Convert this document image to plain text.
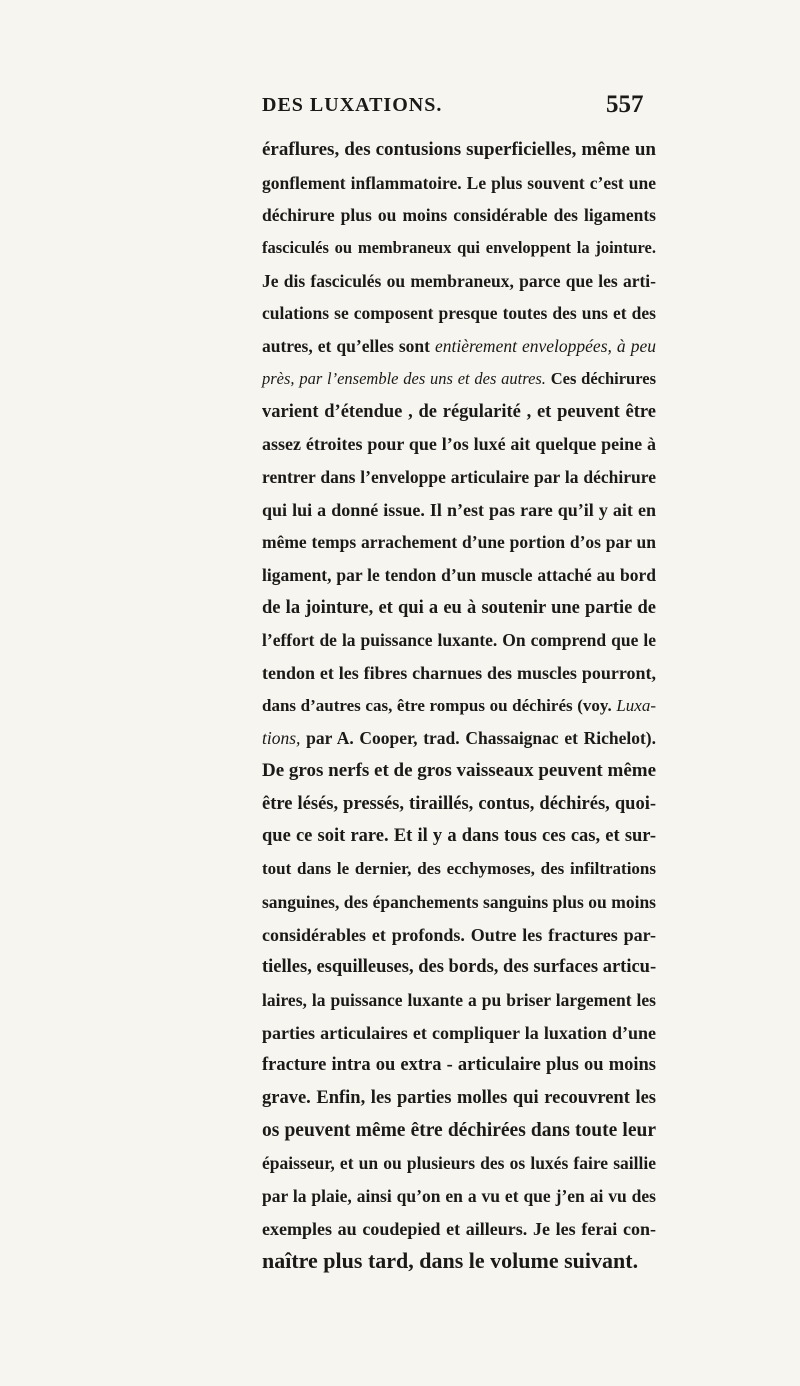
DES LUXATIONS.	557
éraflures, des contusions superficielles, même un
gonflement inflammatoire. Le plus souvent c’est une
déchirure plus ou moins considérable des ligaments
fasciculés ou membraneux qui enveloppent la jointure.
Je dis fasciculés ou membraneux, parce que les arti-
culations se composent presque toutes des uns et des
autres, et qu’elles sont entièrement enveloppées, à peu
près, par l’ensemble des uns et des autres. Ces déchirures
varient d’étendue , de régularité , et peuvent être
assez étroites pour que l’os luxé ait quelque peine à
rentrer dans l’enveloppe articulaire par la déchirure
qui lui a donné issue. Il n’est pas rare qu’il y ait en
même temps arrachement d’une portion d’os par un
ligament, par le tendon d’un muscle attaché au bord
de la jointure, et qui a eu à soutenir une partie de
l’effort de la puissance luxante. On comprend que le
tendon et les fibres charnues des muscles pourront,
dans d’autres cas, être rompus ou déchirés (voy. Luxa-
tions, par A. Cooper, trad. Chassaignac et Richelot).
De gros nerfs et de gros vaisseaux peuvent même
être lésés, pressés, tiraillés, contus, déchirés, quoi-
que ce soit rare. Et il y a dans tous ces cas, et sur-
tout dans le dernier, des ecchymoses, des infiltrations
sanguines, des épanchements sanguins plus ou moins
considérables et profonds. Outre les fractures par-
tielles, esquilleuses, des bords, des surfaces articu-
laires, la puissance luxante a pu briser largement les
parties articulaires et compliquer la luxation d’une
fracture intra ou extra - articulaire plus ou moins
grave. Enfin, les parties molles qui recouvrent les
os peuvent même être déchirées dans toute leur
épaisseur, et un ou plusieurs des os luxés faire saillie
par la plaie, ainsi qu’on en a vu et que j’en ai vu des
exemples au coudepied et ailleurs. Je les ferai con-
naître plus tard, dans le volume suivant.
